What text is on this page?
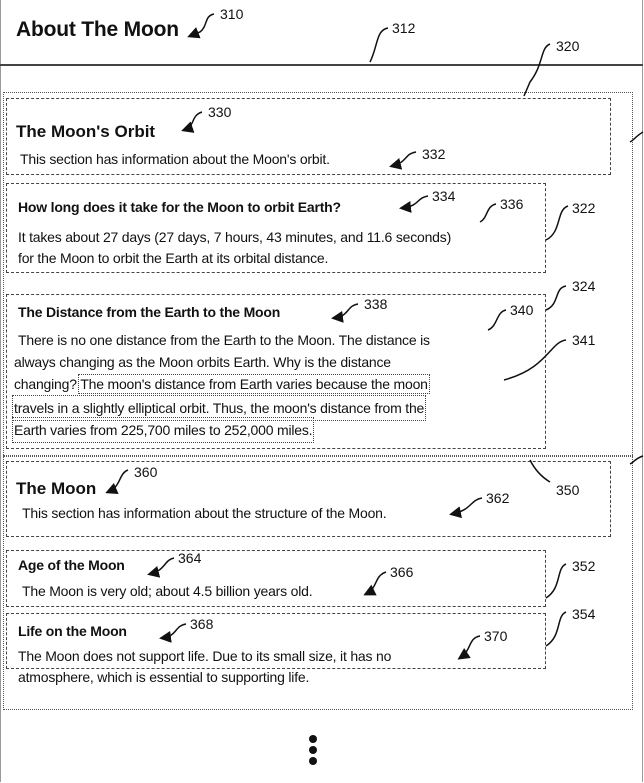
About The Moon
The Moon's Orbit
This section has information about the Moon's orbit.
How long does it take for the Moon to orbit Earth?
It takes about 27 days (27 days, 7 hours, 43 minutes, and 11.6 seconds)
for the Moon to orbit the Earth at its orbital distance.
The Distance from the Earth to the Moon
There is no one distance from the Earth to the Moon. The distance is
always changing as the Moon orbits Earth. Why is the distance
changing? The moon's distance from Earth varies because the moon
travels in a slightly elliptical orbit. Thus, the moon's distance from the
Earth varies from 225,700 miles to 252,000 miles.
The Moon
This section has information about the structure of the Moon.
Age of the Moon
The Moon is very old; about 4.5 billion years old.
Life on the Moon
The Moon does not support life. Due to its small size, it has no
atmosphere, which is essential to supporting life.
310
312
320
330
332
334	336	322
324
338	340
341
360
350
362
364	352
366
354
368
370
